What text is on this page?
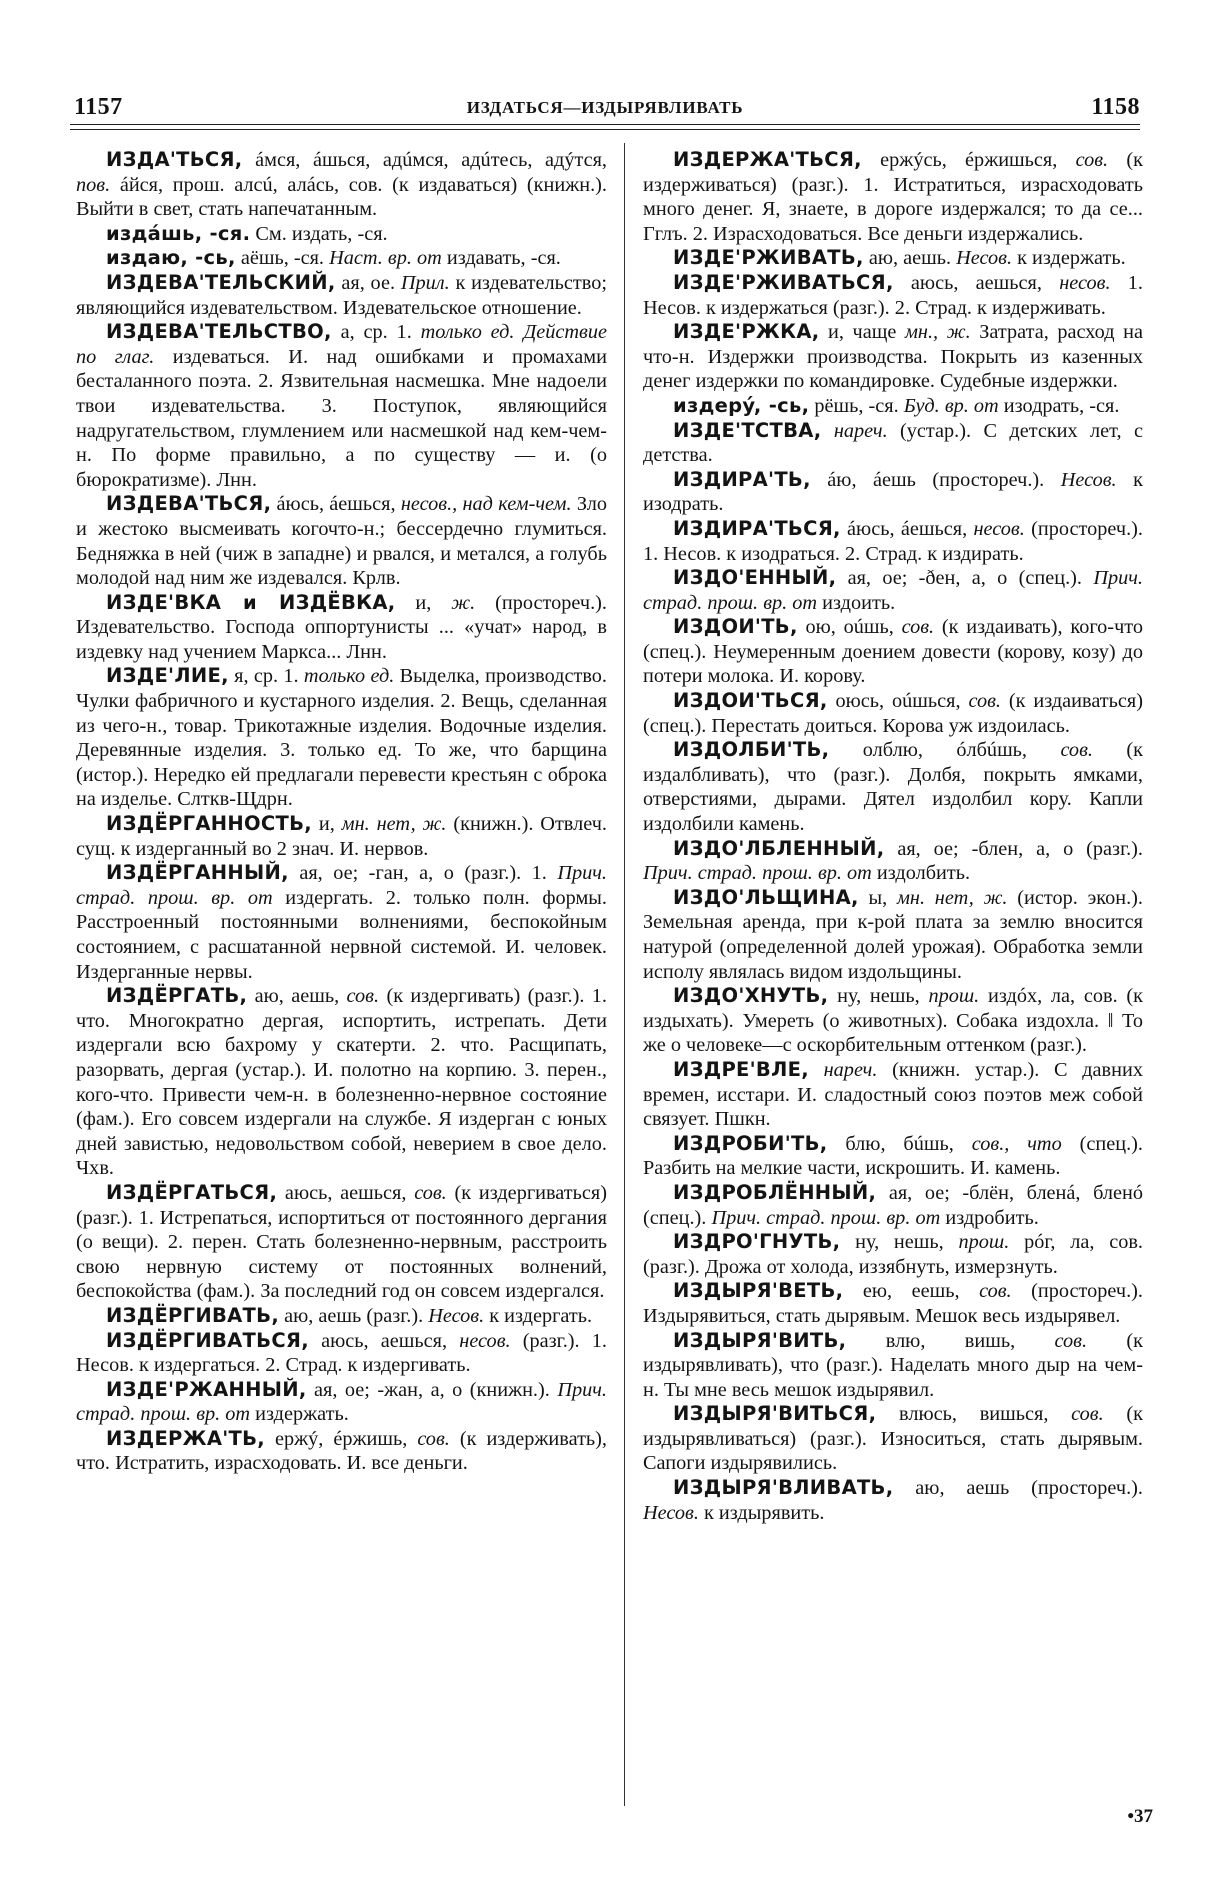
1157	ИЗДАТЬСЯ—ИЗДЫРЯВЛИВАТЬ	1158

ИЗДА'ТЬСЯ, áмся, áшься, адúмся, адúтесь, адýтся, пов. áйся, прош. алсú, алáсь, сов. (к издаваться) (книжн.). Выйти в свет, стать напечатанным.

издáшь, -ся. См. издать, -ся.

издаю, -сь, аёшь, -ся. Наст. вр. от издавать, -ся.

ИЗДЕВА'ТЕЛЬСКИЙ, ая, ое. Прил. к издевательство; являющийся издевательством. Издевательское отношение.

ИЗДЕВА'ТЕЛЬСТВО, а, ср. 1. только ед. Действие по глаг. издеваться. И. над ошибками и промахами бесталанного поэта. 2. Язвительная насмешка. Мне надоели твои издевательства. 3. Поступок, являющийся надругательством, глумлением или насмешкой над кем-чем-н. По форме правильно, а по существу — и. (о бюрократизме). Лнн.

ИЗДЕВА'ТЬСЯ, áюсь, áешься, несов., над кем-чем. Зло и жестоко высмеивать когочто-н.; бессердечно глумиться. Бедняжка в ней (чиж в западне) и рвался, и метался, а голубь молодой над ним же издевался. Крлв.

ИЗДЕ'ВКА и ИЗДЁВКА, и, ж. (простореч.). Издевательство. Господа оппортунисты ... «учат» народ, в издевку над учением Маркса... Лнн.

ИЗДЕ'ЛИЕ, я, ср. 1. только ед. Выделка, производство. Чулки фабричного и кустарного изделия. 2. Вещь, сделанная из чего-н., товар. Трикотажные изделия. Водочные изделия. Деревянные изделия. 3. только ед. То же, что барщина (истор.). Нередко ей предлагали перевести крестьян с оброка на изделье. Слткв-Щдрн.

ИЗДЁРГАННОСТЬ, и, мн. нет, ж. (книжн.). Отвлеч. сущ. к издерганный во 2 знач. И. нервов.

ИЗДЁРГАННЫЙ, ая, ое; -ган, а, о (разг.). 1. Прич. страд. прош. вр. от издергать. 2. только полн. формы. Расстроенный постоянными волнениями, беспокойным состоянием, с расшатанной нервной системой. И. человек. Издерганные нервы.

ИЗДЁРГАТЬ, аю, аешь, сов. (к издергивать) (разг.). 1. что. Многократно дергая, испортить, истрепать. Дети издергали всю бахрому у скатерти. 2. что. Расщипать, разорвать, дергая (устар.). И. полотно на корпию. 3. перен., кого-что. Привести чем-н. в болезненно-нервное состояние (фам.). Его совсем издергали на службе. Я издерган с юных дней завистью, недовольством собой, неверием в свое дело. Чхв.

ИЗДЁРГАТЬСЯ, аюсь, аешься, сов. (к издергиваться) (разг.). 1. Истрепаться, испортиться от постоянного дергания (о вещи). 2. перен. Стать болезненно-нервным, расстроить свою нервную систему от постоянных волнений, беспокойства (фам.). За последний год он совсем издергался.

ИЗДЁРГИВАТЬ, аю, аешь (разг.). Несов. к издергать.

ИЗДЁРГИВАТЬСЯ, аюсь, аешься, несов. (разг.). 1. Несов. к издергаться. 2. Страд. к издергивать.

ИЗДЕ'РЖАННЫЙ, ая, ое; -жан, а, о (книжн.). Прич. страд. прош. вр. от издержать.

ИЗДЕРЖА'ТЬ, ержý, éржишь, сов. (к издерживать), что. Истратить, израсходовать. И. все деньги.

ИЗДЕРЖА'ТЬСЯ, ержýсь, éржишься, сов. (к издерживаться) (разг.). 1. Истратиться, израсходовать много денег. Я, знаете, в дороге издержался; то да се... Гглъ. 2. Израсходоваться. Все деньги издержались.

ИЗДЕ'РЖИВАТЬ, аю, аешь. Несов. к издержать.

ИЗДЕ'РЖИВАТЬСЯ, аюсь, аешься, несов. 1. Несов. к издержаться (разг.). 2. Страд. к издерживать.

ИЗДЕ'РЖКА, и, чаще мн., ж. Затрата, расход на что-н. Издержки производства. Покрыть из казенных денег издержки по командировке. Судебные издержки.

издерý, -сь, рёшь, -ся. Буд. вр. от изодрать, -ся.

ИЗДЕ'ТСТВА, нареч. (устар.). С детских лет, с детства.

ИЗДИРА'ТЬ, áю, áешь (простореч.). Несов. к изодрать.

ИЗДИРА'ТЬСЯ, áюсь, áешься, несов. (простореч.). 1. Несов. к изодраться. 2. Страд. к издирать.

ИЗДО'ЕННЫЙ, ая, ое; -ðен, а, о (спец.). Прич. страд. прош. вр. от издоить.

ИЗДОИ'ТЬ, ою, оúшь, сов. (к издаивать), кого-что (спец.). Неумеренным доением довести (корову, козу) до потери молока. И. корову.

ИЗДОИ'ТЬСЯ, оюсь, оúшься, сов. (к издаиваться) (спец.). Перестать доиться. Корова уж издоилась.

ИЗДОЛБИ'ТЬ, олблю, óлбúшь, сов. (к издалбливать), что (разг.). Долбя, покрыть ямками, отверстиями, дырами. Дятел издолбил кору. Капли издолбили камень.

ИЗДО'ЛБЛЕННЫЙ, ая, ое; -блен, а, о (разг.). Прич. страд. прош. вр. от издолбить.

ИЗДО'ЛЬЩИНА, ы, мн. нет, ж. (истор. экон.). Земельная аренда, при к-рой плата за землю вносится натурой (определенной долей урожая). Обработка земли исполу являлась видом издольщины.

ИЗДО'ХНУТЬ, ну, нешь, прош. издóх, ла, сов. (к издыхать). Умереть (о животных). Собака издохла. ‖ То же о человеке—с оскорбительным оттенком (разг.).

ИЗДРЕ'ВЛЕ, нареч. (книжн. устар.). С давних времен, исстари. И. сладостный союз поэтов меж собой связует. Пшкн.

ИЗДРОБИ'ТЬ, блю, бúшь, сов., что (спец.). Разбить на мелкие части, искрошить. И. камень.

ИЗДРОБЛЁННЫЙ, ая, ое; -блён, бленá, бленó (спец.). Прич. страд. прош. вр. от издробить.

ИЗДРО'ГНУТЬ, ну, нешь, прош. рóг, ла, сов. (разг.). Дрожа от холода, иззябнуть, измерзнуть.

ИЗДЫРЯ'ВЕТЬ, ею, еешь, сов. (простореч.). Издырявиться, стать дырявым. Мешок весь издырявел.

ИЗДЫРЯ'ВИТЬ, влю, вишь, сов. (к издырявливать), что (разг.). Наделать много дыр на чем-н. Ты мне весь мешок издырявил.

ИЗДЫРЯ'ВИТЬСЯ, влюсь, вишься, сов. (к издырявливаться) (разг.). Износиться, стать дырявым. Сапоги издырявились.

ИЗДЫРЯ'ВЛИВАТЬ, аю, аешь (простореч.). Несов. к издырявить.

•37
